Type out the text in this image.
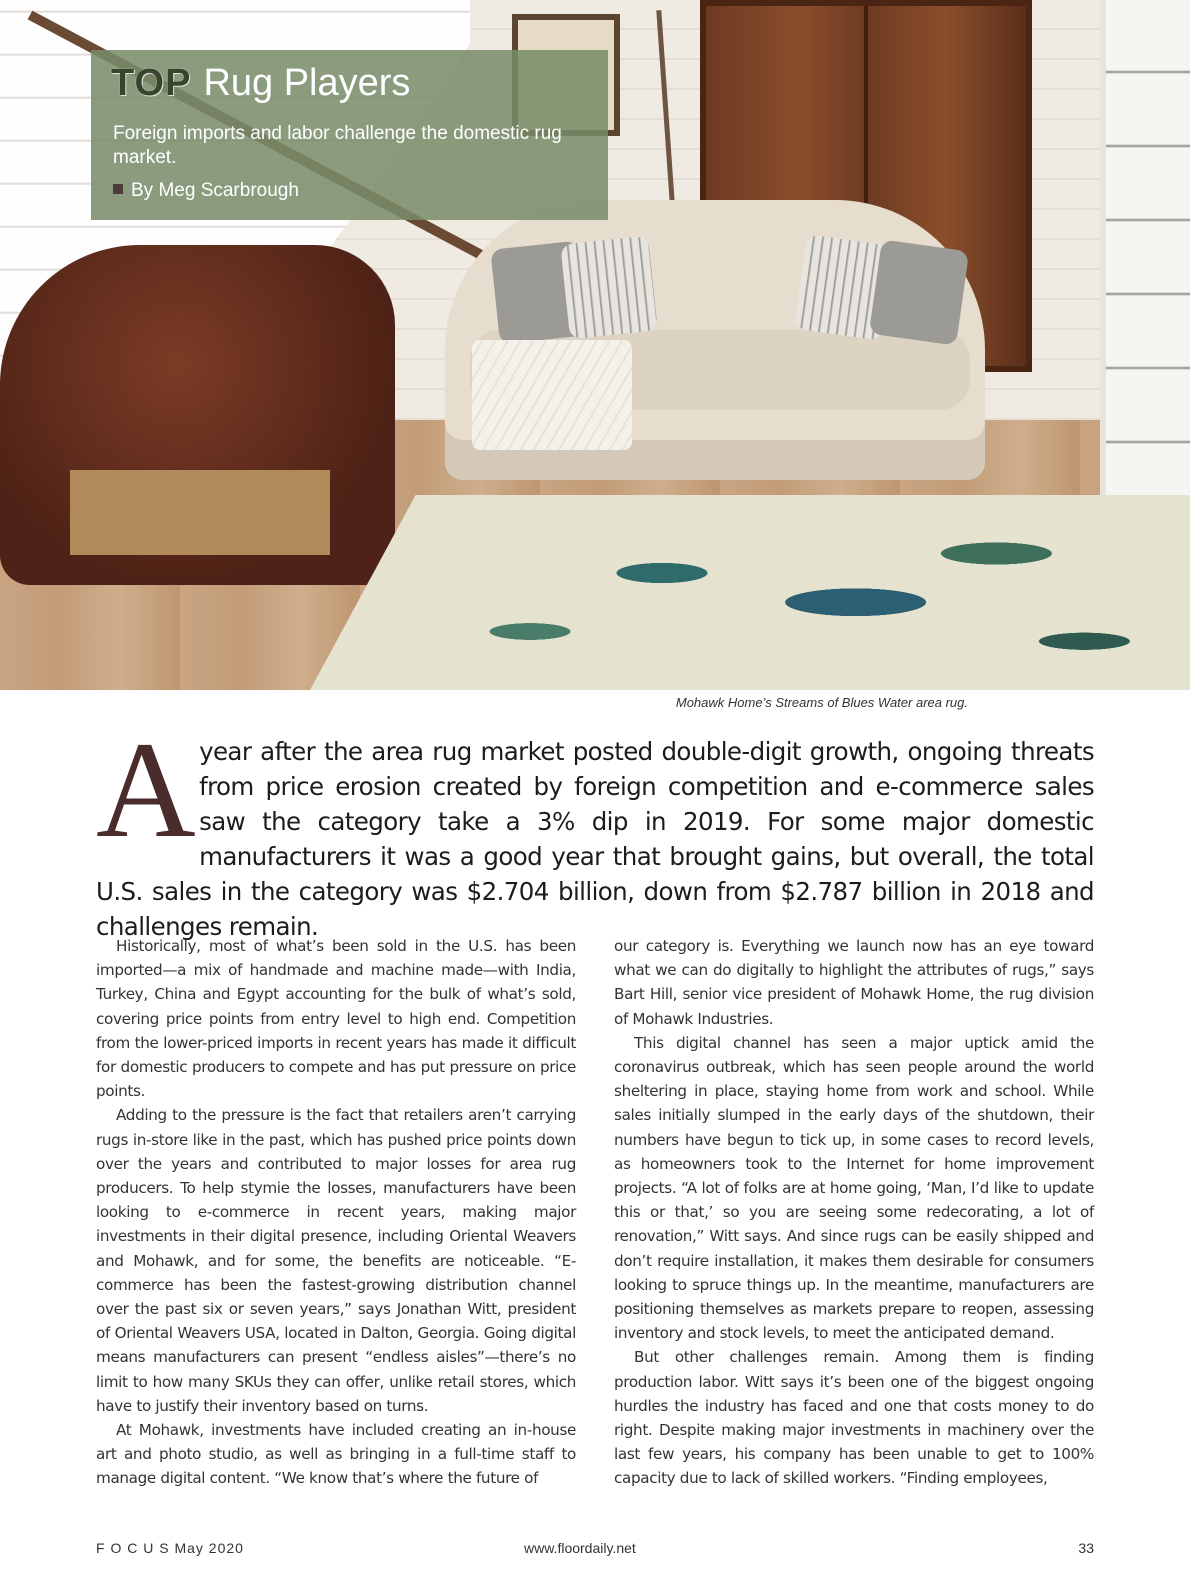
TOP Rug Players
Foreign imports and labor challenge the domestic rug market.
By Meg Scarbrough
Mohawk Home’s Streams of Blues Water area rug.
Ayear after the area rug market posted double-digit growth, ongoing threats from price erosion created by foreign competition and e-commerce sales saw the category take a 3% dip in 2019. For some major domestic manufacturers it was a good year that brought gains, but overall, the total U.S. sales in the category was $2.704 billion, down from $2.787 billion in 2018 and challenges remain.

Historically, most of what’s been sold in the U.S. has been imported—a mix of handmade and machine made—with India, Turkey, China and Egypt accounting for the bulk of what’s sold, covering price points from entry level to high end. Competition from the lower-priced imports in recent years has made it difficult for domestic producers to compete and has put pressure on price points.

Adding to the pressure is the fact that retailers aren’t carrying rugs in-store like in the past, which has pushed price points down over the years and contributed to major losses for area rug producers. To help stymie the losses, manufacturers have been looking to e-commerce in recent years, making major investments in their digital presence, including Oriental Weavers and Mohawk, and for some, the benefits are noticeable. “E-commerce has been the fastest-growing distribution channel over the past six or seven years,” says Jonathan Witt, president of Oriental Weavers USA, located in Dalton, Georgia. Going digital means manufacturers can present “endless aisles”—there’s no limit to how many SKUs they can offer, unlike retail stores, which have to justify their inventory based on turns.

At Mohawk, investments have included creating an in-house art and photo studio, as well as bringing in a full-time staff to manage digital content. “We know that’s where the future of

our category is. Everything we launch now has an eye toward what we can do digitally to highlight the attributes of rugs,” says Bart Hill, senior vice president of Mohawk Home, the rug division of Mohawk Industries.

This digital channel has seen a major uptick amid the coronavirus outbreak, which has seen people around the world sheltering in place, staying home from work and school. While sales initially slumped in the early days of the shutdown, their numbers have begun to tick up, in some cases to record levels, as homeowners took to the Internet for home improvement projects. “A lot of folks are at home going, ‘Man, I’d like to update this or that,’ so you are seeing some redecorating, a lot of renovation,” Witt says. And since rugs can be easily shipped and don’t require installation, it makes them desirable for consumers looking to spruce things up. In the meantime, manufacturers are positioning themselves as markets prepare to reopen, assessing inventory and stock levels, to meet the anticipated demand.

But other challenges remain. Among them is finding production labor. Witt says it’s been one of the biggest ongoing hurdles the industry has faced and one that costs money to do right. Despite making major investments in machinery over the last few years, his company has been unable to get to 100% capacity due to lack of skilled workers. “Finding employees,

F O C U S May 2020	www.floordaily.net	33
